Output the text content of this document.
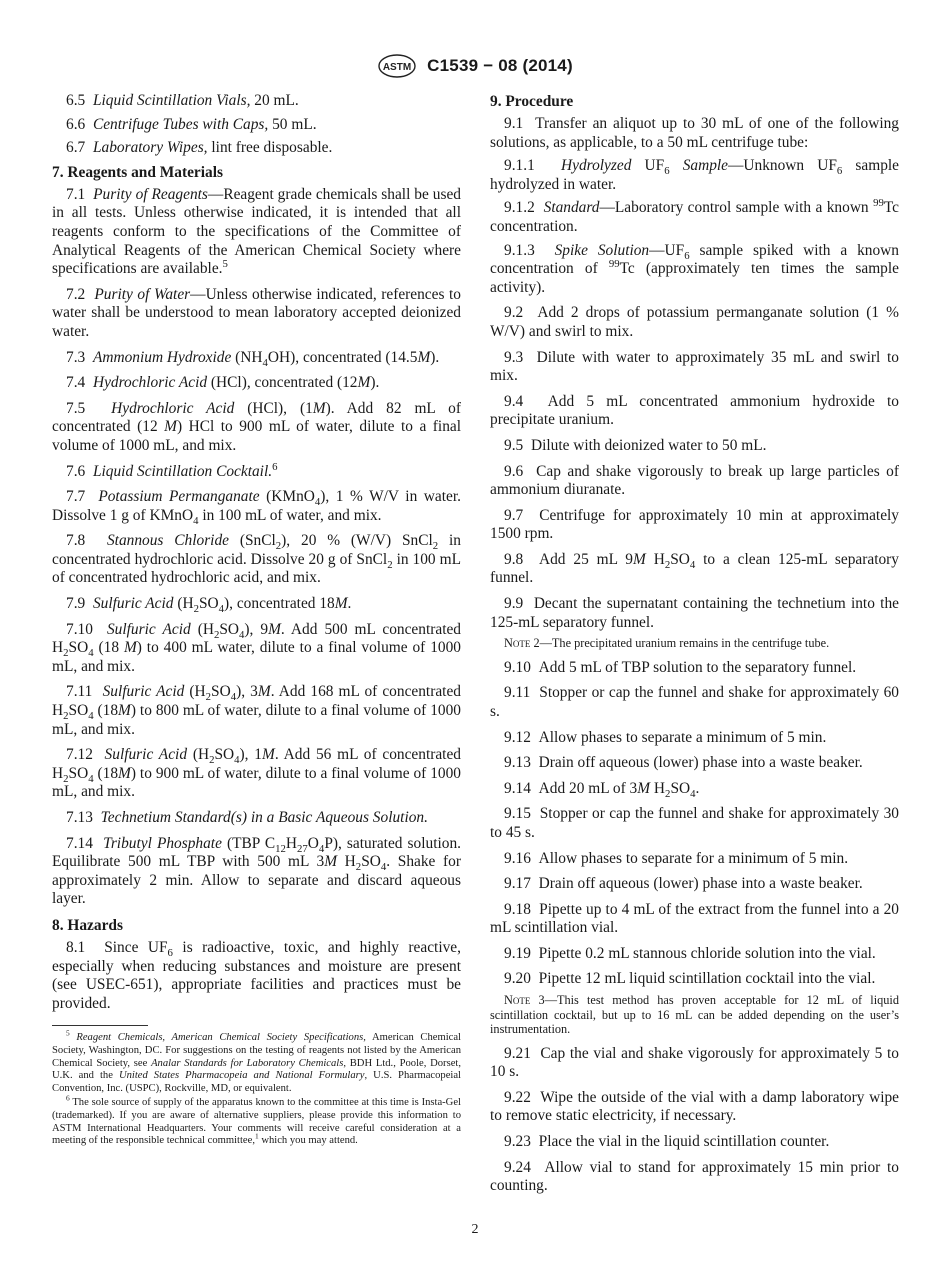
ASTM C1539 − 08 (2014)

6.5 Liquid Scintillation Vials, 20 mL.

6.6 Centrifuge Tubes with Caps, 50 mL.

6.7 Laboratory Wipes, lint free disposable.

7. Reagents and Materials

7.1 Purity of Reagents—Reagent grade chemicals shall be used in all tests. Unless otherwise indicated, it is intended that all reagents conform to the specifications of the Committee of Analytical Reagents of the American Chemical Society where specifications are available.$^5$

7.2 Purity of Water—Unless otherwise indicated, references to water shall be understood to mean laboratory accepted deionized water.

7.3 Ammonium Hydroxide $(NH_4OH)$, concentrated (14.5M).

7.4 Hydrochloric Acid (HCl), concentrated (12M).

7.5 Hydrochloric Acid (HCl), (1M). Add 82 mL of concentrated (12 M) HCl to 900 mL of water, dilute to a final volume of 1000 mL, and mix.

7.6 Liquid Scintillation Cocktail.$^6$

7.7 Potassium Permanganate (KMnO$_4$), 1 % W/V in water. Dissolve 1 g of KMnO$_4$ in 100 mL of water, and mix.

7.8 Stannous Chloride (SnCl$_2$), 20 % (W/V) SnCl$_2$ in concentrated hydrochloric acid. Dissolve 20 g of SnCl$_2$ in 100 mL of concentrated hydrochloric acid, and mix.

7.9 Sulfuric Acid $(H_2SO_4)$, concentrated 18M.

7.10 Sulfuric Acid $(H_2SO_4)$, 9M. Add 500 mL concentrated $H_2SO_4$ (18 M) to 400 mL water, dilute to a final volume of 1000 mL, and mix.

7.11 Sulfuric Acid $(H_2SO_4)$, 3M. Add 168 mL of concentrated $H_2SO_4$ (18M) to 800 mL of water, dilute to a final volume of 1000 mL, and mix.

7.12 Sulfuric Acid $(H_2SO_4)$, 1M. Add 56 mL of concentrated $H_2SO_4$ (18M) to 900 mL of water, dilute to a final volume of 1000 mL, and mix.

7.13 Technetium Standard(s) in a Basic Aqueous Solution.

7.14 Tributyl Phosphate (TBP $C_{12}H_{27}O_4P$), saturated solution. Equilibrate 500 mL TBP with 500 mL 3M $H_2SO_4$. Shake for approximately 2 min. Allow to separate and discard aqueous layer.

8. Hazards

8.1 Since $UF_6$ is radioactive, toxic, and highly reactive, especially when reducing substances and moisture are present (see USEC-651), appropriate facilities and practices must be provided.

$^5$ Reagent Chemicals, American Chemical Society Specifications, American Chemical Society, Washington, DC. For suggestions on the testing of reagents not listed by the American Chemical Society, see Analar Standards for Laboratory Chemicals, BDH Ltd., Poole, Dorset, U.K. and the United States Pharmacopeia and National Formulary, U.S. Pharmacopeial Convention, Inc. (USPC), Rockville, MD, or equivalent.

$^6$ The sole source of supply of the apparatus known to the committee at this time is Insta-Gel (trademarked). If you are aware of alternative suppliers, please provide this information to ASTM International Headquarters. Your comments will receive careful consideration at a meeting of the responsible technical committee,$^1$ which you may attend.

9. Procedure

9.1 Transfer an aliquot up to 30 mL of one of the following solutions, as applicable, to a 50 mL centrifuge tube:

9.1.1 Hydrolyzed $UF_6$ Sample—Unknown $UF_6$ sample hydrolyzed in water.

9.1.2 Standard—Laboratory control sample with a known $^{99}$Tc concentration.

9.1.3 Spike $Solution—UF_6$ sample spiked with a known concentration of $^{99}$Tc (approximately ten times the sample activity).

9.2 Add 2 drops of potassium permanganate solution (1 % W/V) and swirl to mix.

9.3 Dilute with water to approximately 35 mL and swirl to mix.

9.4 Add 5 mL concentrated ammonium hydroxide to precipitate uranium.

9.5 Dilute with deionized water to 50 mL.

9.6 Cap and shake vigorously to break up large particles of ammonium diuranate.

9.7 Centrifuge for approximately 10 min at approximately 1500 rpm.

9.8 Add 25 mL 9M $H_2SO_4$ to a clean 125-mL separatory funnel.

9.9 Decant the supernatant containing the technetium into the 125-mL separatory funnel.

Note 2—The precipitated uranium remains in the centrifuge tube.

9.10 Add 5 mL of TBP solution to the separatory funnel.

9.11 Stopper or cap the funnel and shake for approximately 60 s.

9.12 Allow phases to separate a minimum of 5 min.

9.13 Drain off aqueous (lower) phase into a waste beaker.

9.14 Add 20 mL of 3M $H_2SO_4$.

9.15 Stopper or cap the funnel and shake for approximately 30 to 45 s.

9.16 Allow phases to separate for a minimum of 5 min.

9.17 Drain off aqueous (lower) phase into a waste beaker.

9.18 Pipette up to 4 mL of the extract from the funnel into a 20 mL scintillation vial.

9.19 Pipette 0.2 mL stannous chloride solution into the vial.

9.20 Pipette 12 mL liquid scintillation cocktail into the vial.

Note 3—This test method has proven acceptable for 12 mL of liquid scintillation cocktail, but up to 16 mL can be added depending on the user’s instrumentation.

9.21 Cap the vial and shake vigorously for approximately 5 to 10 s.

9.22 Wipe the outside of the vial with a damp laboratory wipe to remove static electricity, if necessary.

9.23 Place the vial in the liquid scintillation counter.

9.24 Allow vial to stand for approximately 15 min prior to counting.

2
